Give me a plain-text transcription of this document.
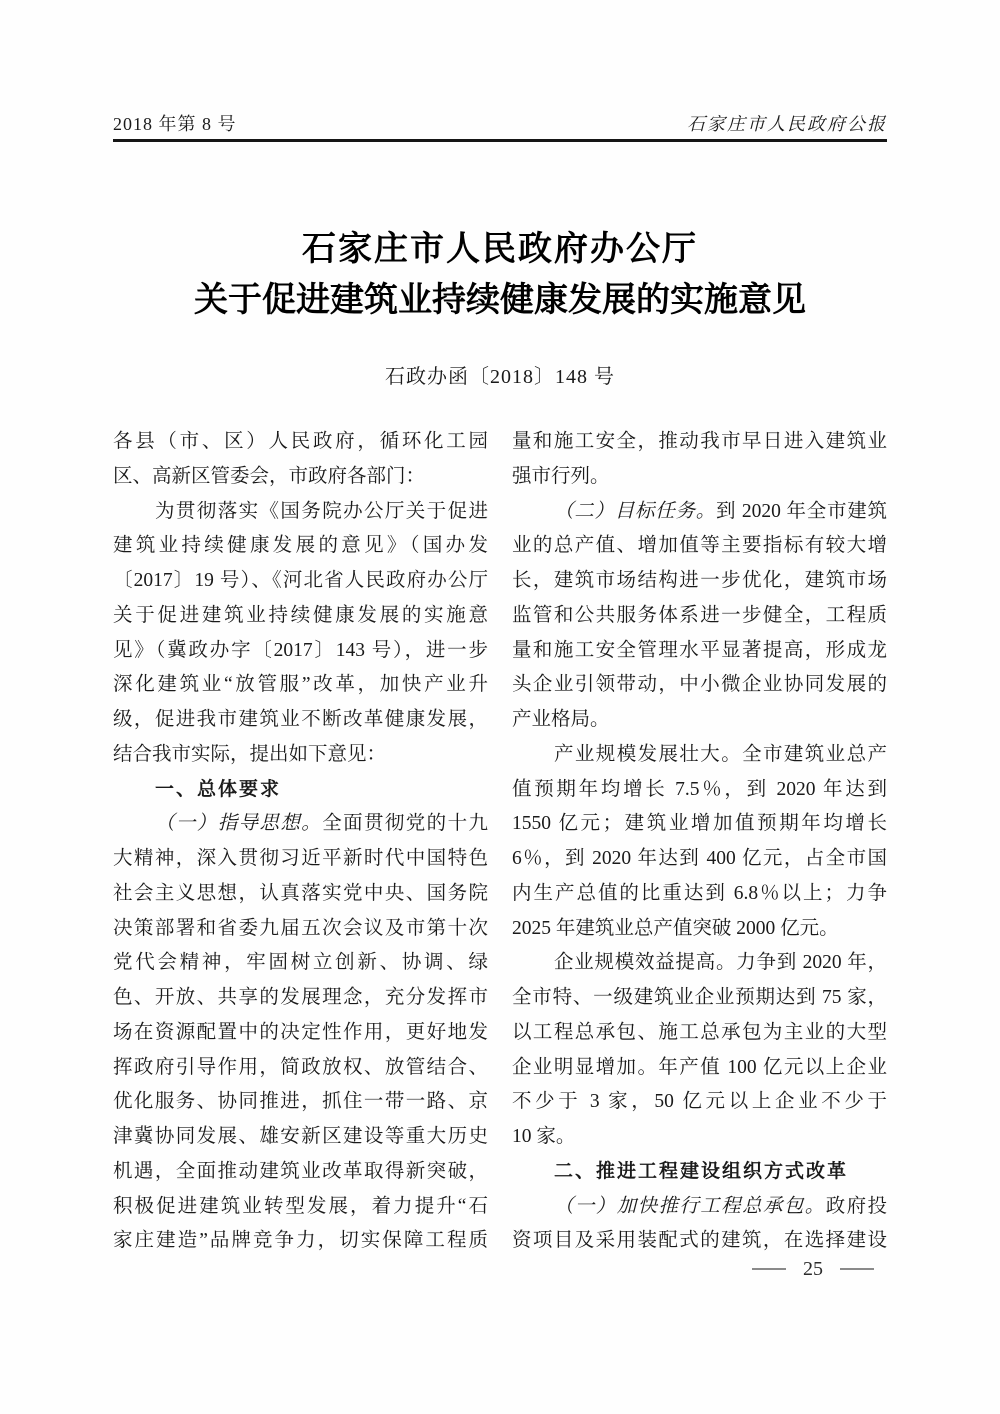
2018 年第 8 号	石家庄市人民政府公报
石家庄市人民政府办公厅
关于促进建筑业持续健康发展的实施意见
石政办函〔2018〕148 号
各县（市、区）人民政府，循环化工园
区、高新区管委会，市政府各部门：
为贯彻落实《国务院办公厅关于促进
建筑业持续健康发展的意见》（国办发
〔2017〕19 号）、《河北省人民政府办公厅
关于促进建筑业持续健康发展的实施意
见》（冀政办字〔2017〕143 号），进一步
深化建筑业“放管服”改革，加快产业升
级，促进我市建筑业不断改革健康发展，
结合我市实际，提出如下意见：
一、总体要求
（一）指导思想。全面贯彻党的十九
大精神，深入贯彻习近平新时代中国特色
社会主义思想，认真落实党中央、国务院
决策部署和省委九届五次会议及市第十次
党代会精神，牢固树立创新、协调、绿
色、开放、共享的发展理念，充分发挥市
场在资源配置中的决定性作用，更好地发
挥政府引导作用，简政放权、放管结合、
优化服务、协同推进，抓住一带一路、京
津冀协同发展、雄安新区建设等重大历史
机遇，全面推动建筑业改革取得新突破，
积极促进建筑业转型发展，着力提升“石
家庄建造”品牌竞争力，切实保障工程质
量和施工安全，推动我市早日进入建筑业
强市行列。
（二）目标任务。到 2020 年全市建筑
业的总产值、增加值等主要指标有较大增
长，建筑市场结构进一步优化，建筑市场
监管和公共服务体系进一步健全，工程质
量和施工安全管理水平显著提高，形成龙
头企业引领带动，中小微企业协同发展的
产业格局。
产业规模发展壮大。全市建筑业总产
值预期年均增长 7.5％，到 2020 年达到
1550 亿元；建筑业增加值预期年均增长
6％，到 2020 年达到 400 亿元，占全市国
内生产总值的比重达到 6.8％以上；力争
2025 年建筑业总产值突破 2000 亿元。
企业规模效益提高。力争到 2020 年，
全市特、一级建筑业企业预期达到 75 家，
以工程总承包、施工总承包为主业的大型
企业明显增加。年产值 100 亿元以上企业
不少于 3 家，50 亿元以上企业不少于
10 家。
二、推进工程建设组织方式改革
（一）加快推行工程总承包。政府投
资项目及采用装配式的建筑，在选择建设
25
